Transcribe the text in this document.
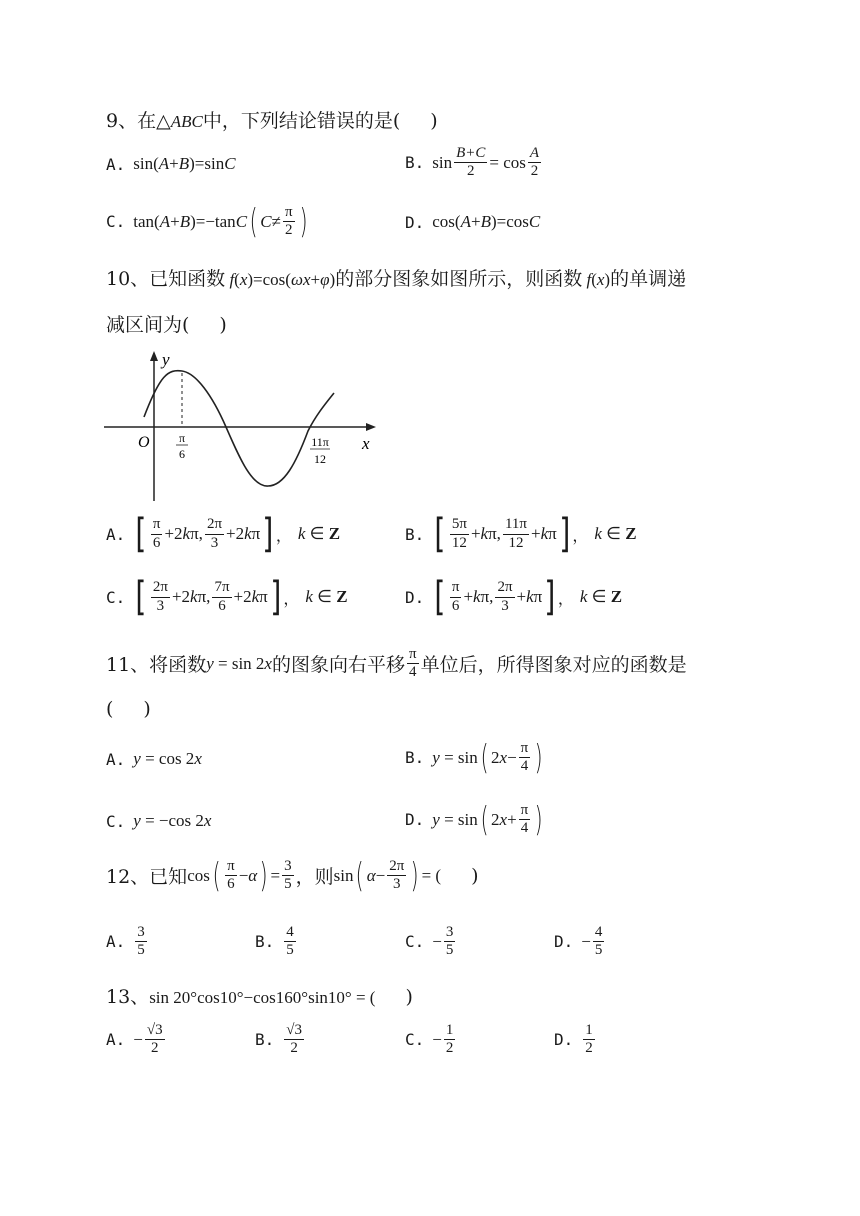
9、在△ABC中，下列结论错误的是( )
A. sin(A+B)=sinC	B. $\sin \frac{B+C}{2} = \cos \frac{A}{2}$
C. tan(A+B)=−tanC ( $C \ne \frac{\pi}{2}$ )	D. cos(A+B)=cosC
10、已知函数 f(x)=cos(ωx+φ)的部分图象如图所示，则函数 f(x)的单调递
减区间为( )
y
x
O π
6
11π
12
A. [ $\frac{\pi}{6} +2k\pi$, $\frac{2\pi}{3} +2k\pi$ ] ， k ∈ Z	B. [ $\frac{5\pi}{12} +k\pi$, $\frac{11\pi}{12} +k\pi$ ] ， k ∈ Z
C. [ $\frac{2\pi}{3} +2k\pi$, $\frac{7\pi}{6} +2k\pi$ ] ， k ∈ Z	D. [ $\frac{\pi}{6} +k\pi$, $\frac{2\pi}{3} +k\pi$ ] ， k ∈ Z
11、将函数 y = sin 2x 的图象向右平移 $\frac{\pi}{4}$ 单位后，所得图象对应的函数是
( )
A. y = cos 2x	B. y = sin ( $2x- \frac{\pi}{4}$ )
C. y = −cos 2x	D. y = sin ( $2x+ \frac{\pi}{4}$ )
12、已知 cos ( $\frac{\pi}{6} -\alpha$ ) = $\frac{3}{5}$ ，则 sin ( $\alpha- \frac{2\pi}{3}$ ) = ( )
A. $\frac{3}{5}$	B. $\frac{4}{5}$	C. − $\frac{3}{5}$	D. − $\frac{4}{5}$
13、sin 20°cos10°−cos160°sin10° = ( )
A. − $\frac{√3}{2}$	B. $\frac{√3}{2}$	C. − $\frac{1}{2}$	D. $\frac{1}{2}$
